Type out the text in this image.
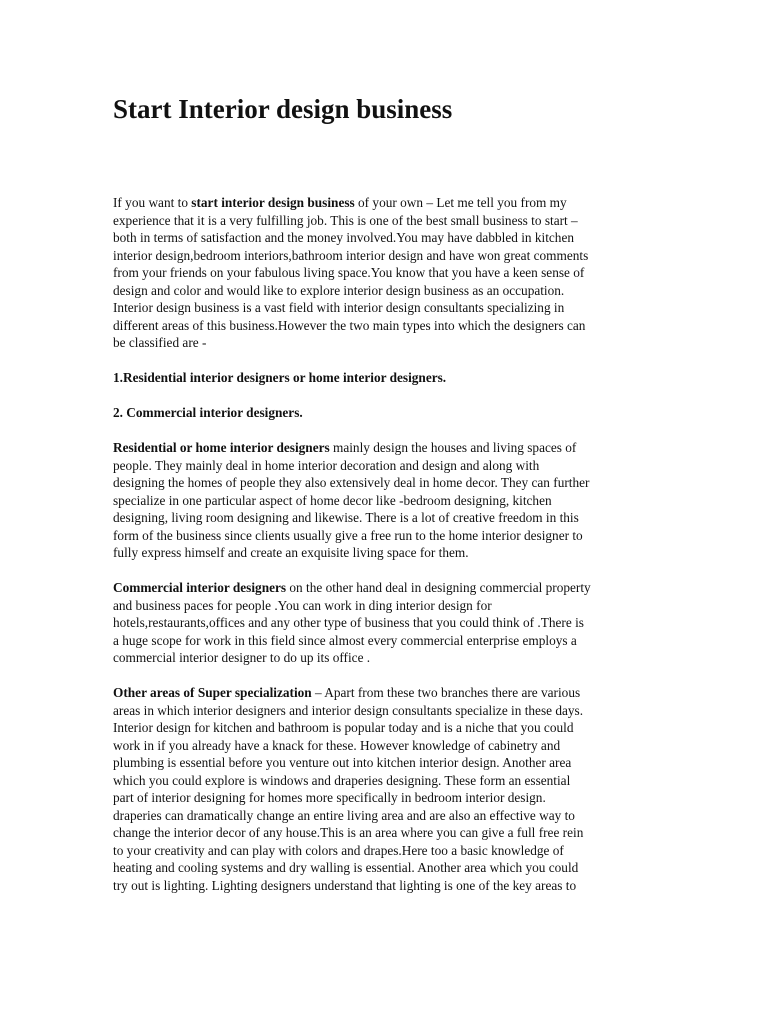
Start Interior design business

If you want to start interior design business of your own – Let me tell you from my
experience that it is a very fulfilling job. This is one of the best small business to start –
both in terms of satisfaction and the money involved.You may have dabbled in kitchen
interior design,bedroom interiors,bathroom interior design and have won great comments
from your friends on your fabulous living space.You know that you have a keen sense of
design and color and would like to explore interior design business as an occupation.
Interior design business is a vast field with interior design consultants specializing in
different areas of this business.However the two main types into which the designers can
be classified are -

1.Residential interior designers or home interior designers.

2. Commercial interior designers.

Residential or home interior designers mainly design the houses and living spaces of
people. They mainly deal in home interior decoration and design and along with
designing the homes of people they also extensively deal in home decor. They can further
specialize in one particular aspect of home decor like -bedroom designing, kitchen
designing, living room designing and likewise. There is a lot of creative freedom in this
form of the business since clients usually give a free run to the home interior designer to
fully express himself and create an exquisite living space for them.

Commercial interior designers on the other hand deal in designing commercial property
and business paces for people .You can work in ding interior design for
hotels,restaurants,offices and any other type of business that you could think of .There is
a huge scope for work in this field since almost every commercial enterprise employs a
commercial interior designer to do up its office .

Other areas of Super specialization – Apart from these two branches there are various
areas in which interior designers and interior design consultants specialize in these days.
Interior design for kitchen and bathroom is popular today and is a niche that you could
work in if you already have a knack for these. However knowledge of cabinetry and
plumbing is essential before you venture out into kitchen interior design. Another area
which you could explore is windows and draperies designing. These form an essential
part of interior designing for homes more specifically in bedroom interior design.
draperies can dramatically change an entire living area and are also an effective way to
change the interior decor of any house.This is an area where you can give a full free rein
to your creativity and can play with colors and drapes.Here too a basic knowledge of
heating and cooling systems and dry walling is essential. Another area which you could
try out is lighting. Lighting designers understand that lighting is one of the key areas to
